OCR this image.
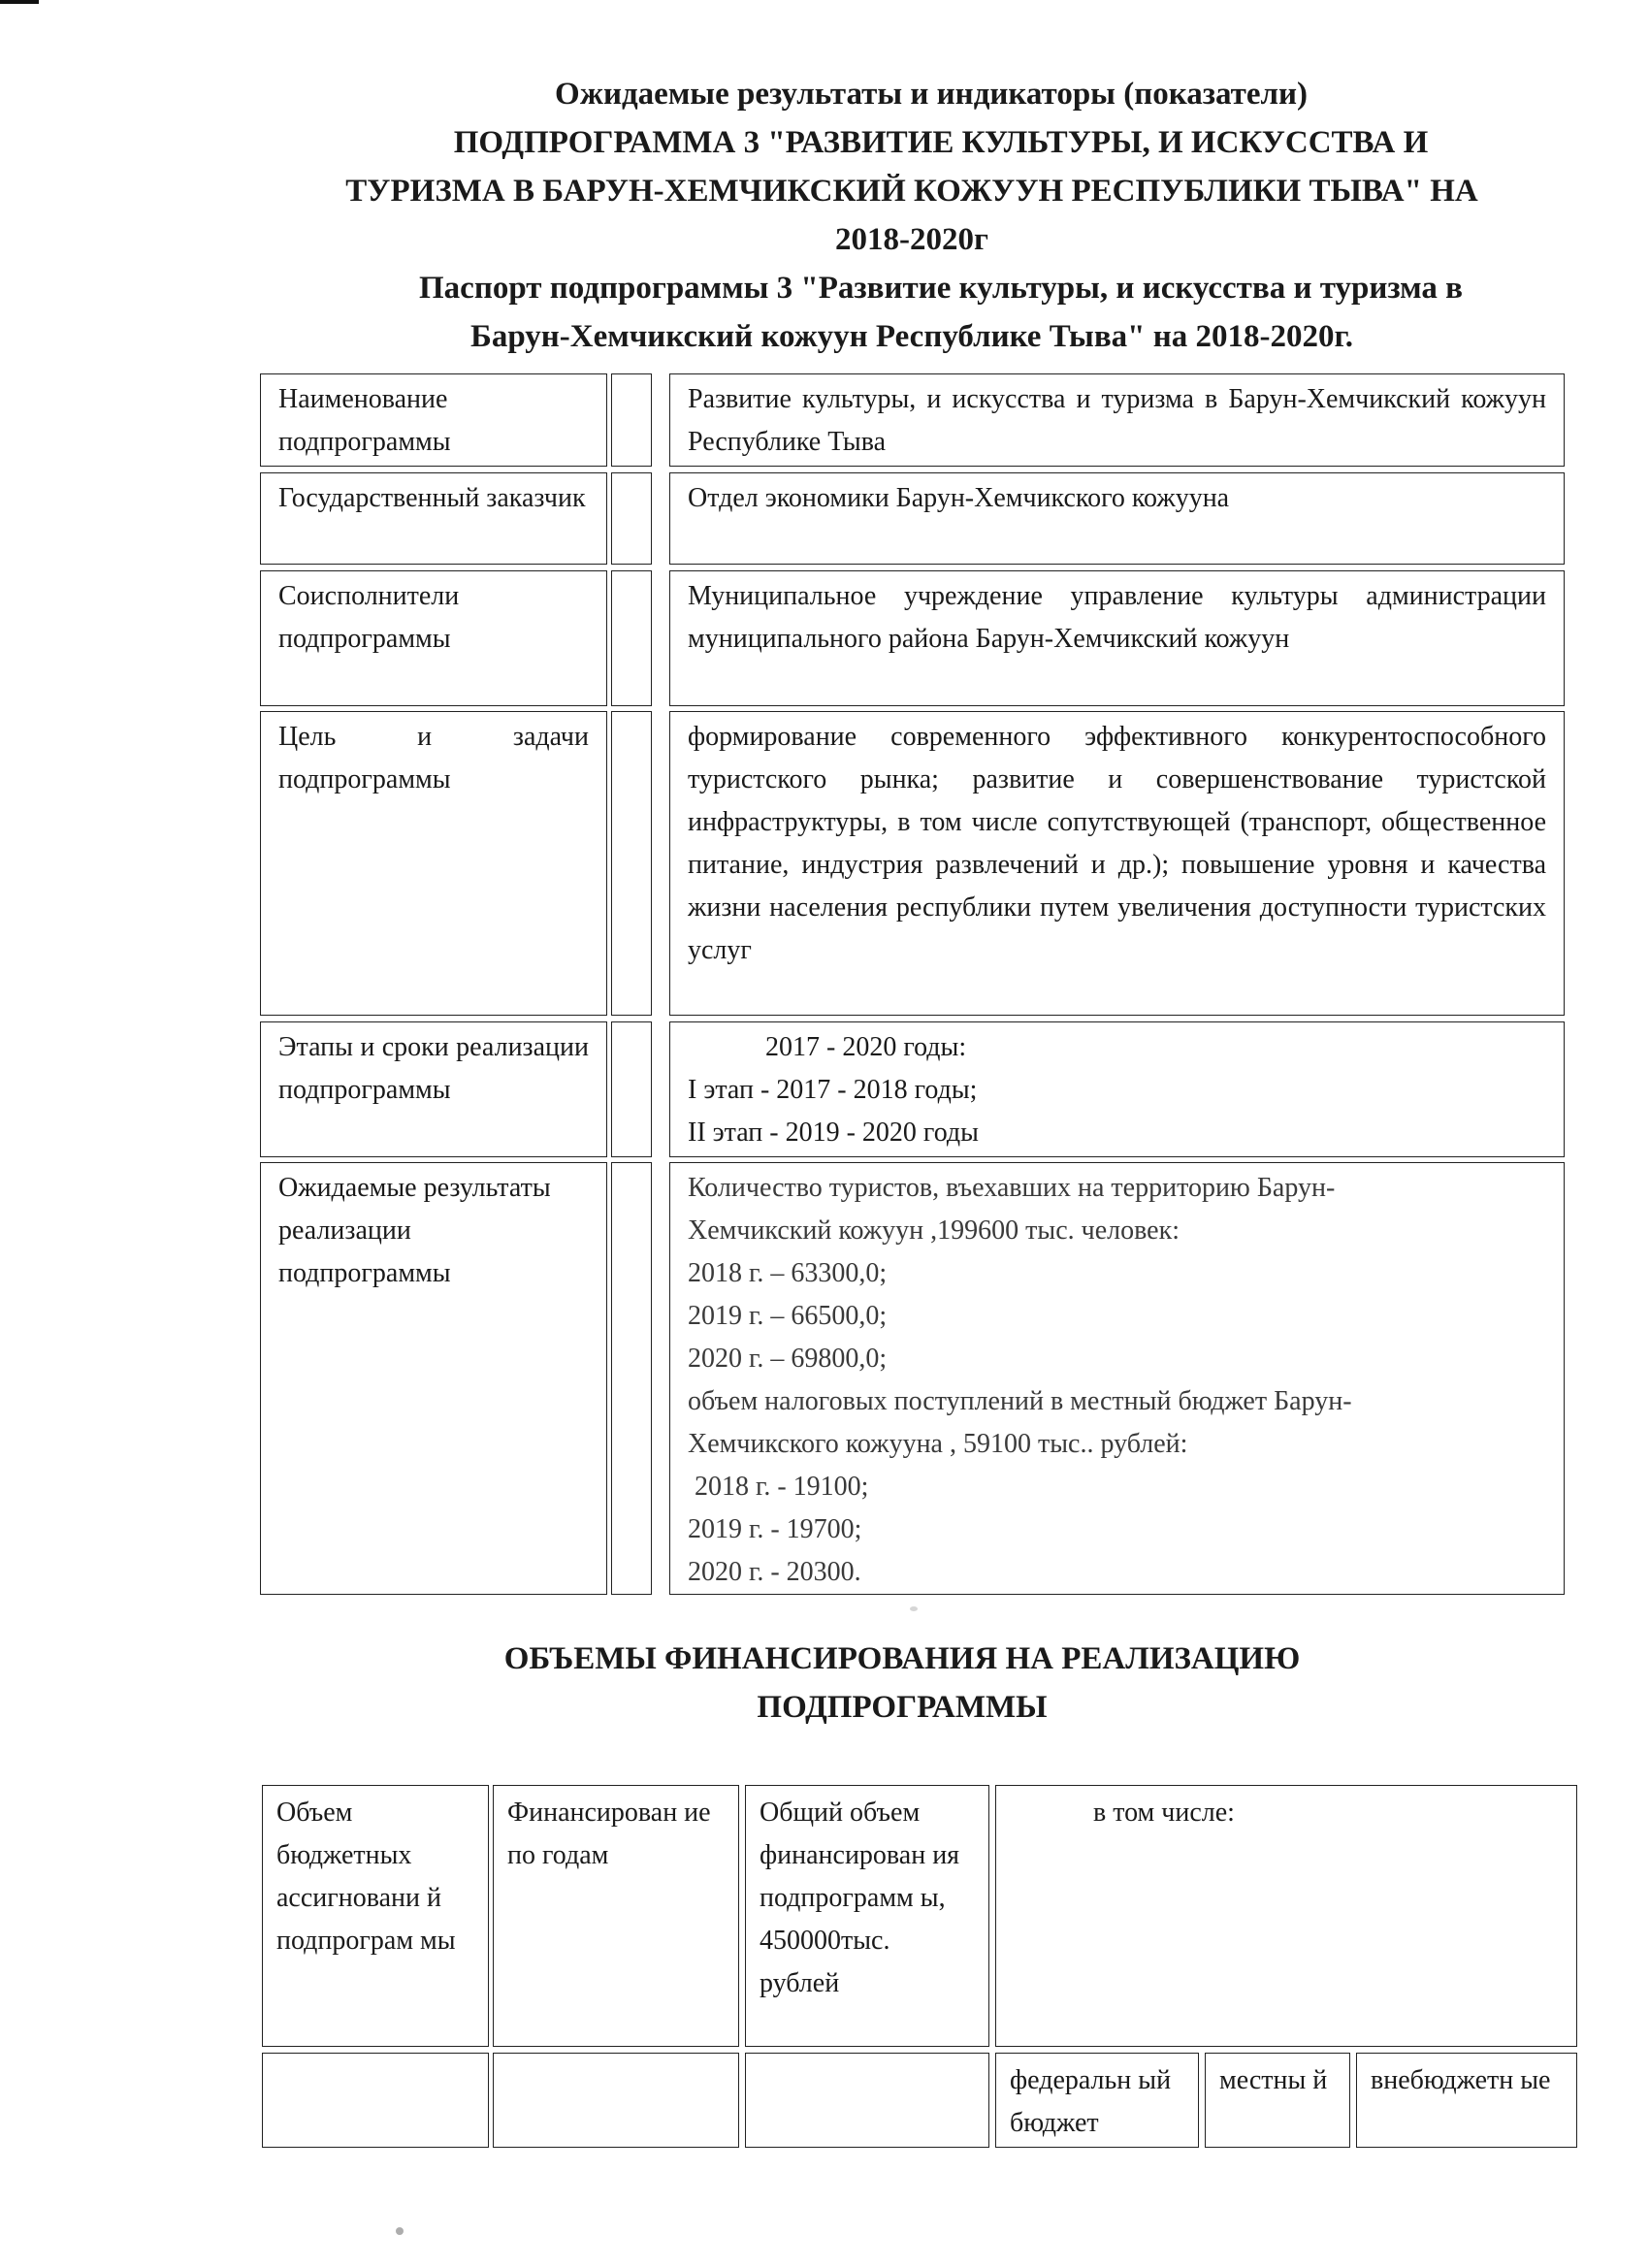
Ожидаемые результаты и индикаторы (показатели)

ПОДПРОГРАММА 3 "РАЗВИТИЕ КУЛЬТУРЫ, И ИСКУССТВА И

ТУРИЗМА В БАРУН-ХЕМЧИКСКИЙ КОЖУУН РЕСПУБЛИКИ ТЫВА" НА

2018-2020г

Паспорт подпрограммы 3 "Развитие культуры, и искусства и туризма в
Барун-Хемчикский кожуун Республике Тыва" на 2018-2020г.
Наименование подпрограммы
Развитие культуры, и искусства и туризма в Барун-Хемчикский кожуун Республике Тыва
Государственный заказчик	Отдел экономики Барун-Хемчикского кожууна
Соисполнители подпрограммы
Муниципальное учреждение управление культуры администрации муниципального района Барун-Хемчикский кожуун
Цель и задачи подпрограммы
формирование современного эффективного конкурентоспособного туристского рынка; развитие и совершенствование туристской инфраструктуры, в том числе сопутствующей (транспорт, общественное питание, индустрия развлечений и др.); повышение уровня и качества жизни населения республики путем увеличения доступности туристских услуг
Этапы и сроки реализации подпрограммы
2017 - 2020 годы:
I этап - 2017 - 2018 годы;
II этап - 2019 - 2020 годы
Ожидаемые результаты реализации подпрограммы
Количество туристов, въехавших на территорию Барун-
Хемчикский кожуун ,199600 тыс. человек:
2018 г. – 63300,0;
2019 г. – 66500,0;
2020 г. – 69800,0;
объем налоговых поступлений в местный бюджет Барун-
Хемчикского кожууна , 59100 тыс.. рублей:
2018 г. - 19100;
2019 г. - 19700;
2020 г. - 20300.
ОБЪЕМЫ ФИНАНСИРОВАНИЯ НА РЕАЛИЗАЦИЮ
ПОДПРОГРАММЫ
Объем бюджетных ассигновани й подпрограм мы
Финансирован ие по годам
Общий объем финансирован ия подпрограмм ы, 450000тыс. рублей
в том числе:
федеральн ый бюджет
местны й	внебюджетн ые
